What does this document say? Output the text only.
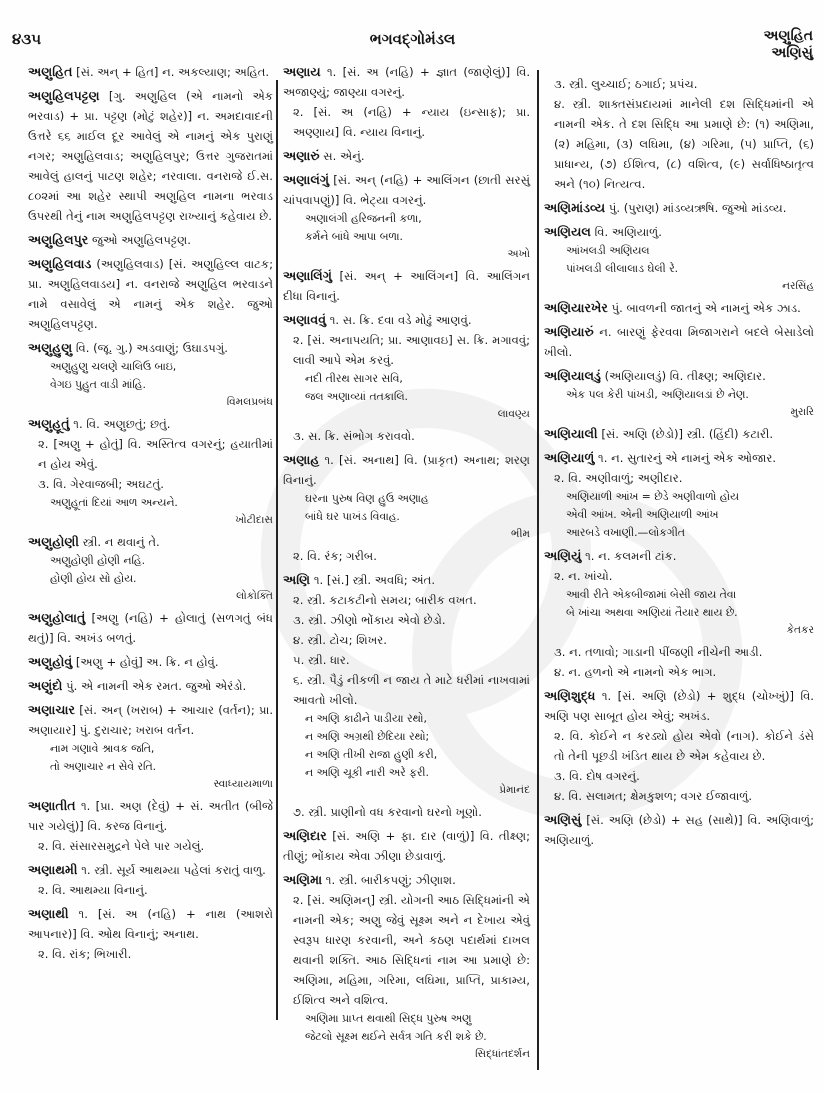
૪૩૫	ભગવદ્ગોમંડલ	અણુહિત
અણિસું
અણુહિત [સં. અન્ + હિત] ન. અકલ્યાણ; અહિત.
અણુહિલપટ્ટણ [ગુ. અણુહિલ (એ નામનો એક ભરવાડ) + પ્રા. પટ્ટણ (મોટું શહેર)] ન. અમદાવાદની ઉત્તરે ૬૬ માઈલ દૂર આવેલું એ નામનું એક પુરાણું નગર; અણુહિલવાડ; અણુહિલપુર; ઉત્તર ગુજરાતમાં આવેલું હાલનું પાટણ શહેર; નરવાલા. વનરાજે ઈ.સ. ૮૦૨માં આ શહેર સ્થાપી અણુહિલ નામના ભરવાડ ઉપરથી તેનું નામ અણુહિલપટ્ટણ રાખ્યાનું કહેવાય છે.
અણુહિલપુર જુઓ અણુહિલપટ્ટણ.
અણુહિલવાડ (અણુહિલવાડ) [સં. અણુહિલ્લ વાટક; પ્રા. અણુહિલવાડય] ન. વનરાજે અણુહિલ ભરવાડને નામે વસાવેલું એ નામનું એક શહેર. જુઓ અણુહિલપટ્ટણ.
અણુહુણુ વિ. (જૂ. ગુ.) અડવાણું; ઉઘાડપગું.
અણુહુણુ ચલણે ચાલિઉ બાઇ,
વેગઇ પુહુત વાડી માંહિ.
વિમલપ્રબંધ
અણુહૂતું ૧. વિ. અણુછતું; છતું.
૨. [અણુ + હોતું] વિ. અસ્તિત્વ વગરનું; હયાતીમાં ન હોય એવું.
૩. વિ. ગેરવાજબી; અઘટતું.
અણુહૂતાં દિયાં આળ અન્યને.
ખોટીદાસ
અણુહોણી સ્ત્રી. ન થવાનું તે.
અણુહોણી હોણી નહિ.
હોણી હોય સો હોય.
લોકોક્તિ
અણુહોલાતું [અણુ (નહિ) + હોલાતું (સળગતું બંધ થતું)] વિ. અખંડ બળતું.
અણુહોવું [અણુ + હોવું] અ. ક્રિ. ન હોવું.
અણુંદો પું. એ નામની એક રમત. જુઓ એરંડો.
અણાચાર [સં. અન્ (ખરાબ) + આચાર (વર્તન); પ્રા. અણાયાર] પું. દુરાચાર; ખરાબ વર્તન.
નામ ગણાવે શ્રાવક જતિ,
તો અણાચાર ન સેવે રતિ.
સ્વાધ્યાયમાળા
અણાતીત ૧. [પ્રા. અણ (દેવું) + સં. અતીત (બીજે પાર ગયેલું)] વિ. કરજ વિનાનું.
૨. વિ. સંસારસમુદ્રને પેલે પાર ગયેલું.
અણાથમી ૧. સ્ત્રી. સૂર્ય આથમ્યા પહેલાં કરાતું વાળુ.
૨. વિ. આથમ્યા વિનાનું.
અણાથી ૧. [સં. અ (નહિ) + નાથ (આશરો આપનાર)] વિ. ઓથ વિનાનું; અનાથ.
૨. વિ. રાંક; ભિખારી.
અણાય ૧. [સં. અ (નહિ) + જ્ઞાત (જાણેલું)] વિ. અજાણ્યું; જાણ્યા વગરનું.
૨. [સં. અ (નહિ) + ન્યાય (ઇન્સાફ); પ્રા. અણ્ણાય] વિ. ન્યાય વિનાનું.
અણારું સ. એનું.
અણાલંગું [સં. અન્ (નહિ) + આલિંગન (છાતી સરસું ચાંપવાપણું)] વિ. ભેટ્યા વગરનું.
અણાલંગી હરિજનની કળા,
કર્મને બાંધે આપા બળા.
અખો
અણાલિંગું [સં. અન્ + આલિંગન] વિ. આલિંગન દીધા વિનાનું.
અણાવવું ૧. સ. ક્રિ. દવા વડે મોઢું આણવું.
૨. [સં. અનાપયતિ; પ્રા. આણાવઇ] સ. ક્રિ. મગાવવું; લાવી આપે એમ કરવું.
નદી તીરથ સાગર સવિ,
જલ અણાવ્યાં તતકાલિ.
લાવણ્ય
૩. સ. ક્રિ. સંભોગ કરાવવો.
અણાહ ૧. [સં. અનાથ] વિ. (પ્રાકૃત) અનાથ; શરણ વિનાનું.
ઘરના પુરુષ વિણ હુઉ અણાહ
બાંધે ઘર પાખંડ વિવાહ.
ભીમ
૨. વિ. રંક; ગરીબ.
અણિ ૧. [સં.] સ્ત્રી. અવધિ; અંત.
૨. સ્ત્રી. કટાકટીનો સમય; બારીક વખત.
૩. સ્ત્રી. ઝીણો ભોંકાય એવો છેડો.
૪. સ્ત્રી. ટોચ; શિખર.
૫. સ્ત્રી. ધાર.
૬. સ્ત્રી. પૈડું નીકળી ન જાય તે માટે ધરીમાં નાખવામાં આવતો ખીલો.
ન અણિ કાઢીને પાડીયા રથો,
ન અણિ અગ્રથી છેદિયા રથો;
ન અણિ તીખી રાજા હુણી કરી,
ન અણિ ચૂકી નારી અરે ફરી.
પ્રેમાનંદ
૭. સ્ત્રી. પ્રાણીનો વધ કરવાનો ઘરનો ખૂણો.
અણિદાર [સં. અણિ + ફા. દાર (વાળું)] વિ. તીક્ષ્ણ; તીણું; ભોંકાય એવા ઝીણા છેડાવાળું.
અણિમા ૧. સ્ત્રી. બારીકપણું; ઝીણાશ.
૨. [સં. અણિમન્] સ્ત્રી. યોગની આઠ સિદ્ધિમાંની એ નામની એક; અણુ જેવું સૂક્ષ્મ અને ન દેખાય એવું સ્વરૂપ ધારણ કરવાની, અને કઠણ પદાર્થમાં દાખલ થવાની શક્તિ. આઠ સિદ્ધિનાં નામ આ પ્રમાણે છે: અણિમા, મહિમા, ગરિમા, લઘિમા, પ્રાપ્તિ, પ્રાકામ્ય, ઈશિત્વ અને વશિત્વ.
અણિમા પ્રાપ્ત થવાથી સિદ્ધ પુરુષ અણુ
જેટલો સૂક્ષ્મ થઈને સર્વત્ર ગતિ કરી શકે છે.
સિદ્ધાંતદર્શન
૩. સ્ત્રી. લુચ્ચાઈ; ઠગાઈ; પ્રપંચ.
૪. સ્ત્રી. શાક્તસંપ્રદાયમાં માનેલી દશ સિદ્ધિમાંની એ નામની એક. તે દશ સિદ્ધિ આ પ્રમાણે છે: (૧) અણિમા, (૨) મહિમા, (૩) લઘિમા, (૪) ગરિમા, (૫) પ્રાપ્તિ, (૬) પ્રાધાન્ય, (૭) ઈશિત્વ, (૮) વશિત્વ, (૯) સર્વાધિષ્ઠાતૃત્વ અને (૧૦) નિત્યત્વ.
અણિમાંડવ્ય પું. (પુરાણ) માંડવ્યઋષિ. જુઓ માંડવ્ય.
અણિયલ વિ. અણિયાળું.
આંખલડી અણિયલ
પાંખલડી લીલાલાડ ઘેલી રે.
નરસિંહ
અણિયારખેર પું. બાવળની જાતનું એ નામનું એક ઝાડ.
અણિયારું ન. બારણું ફેરવવા મિજાગરાને બદલે બેસાડેલો ખીલો.
અણિયાલડું (અણિયાલડું) વિ. તીક્ષ્ણ; અણિદાર.
એક પલ કેરી પાંખડી, અણિયાલડાં છે નેણ.
મુરારિ
અણિયાલી [સં. અણિ (છેડો)] સ્ત્રી. (હિંદી) કટારી.
અણિયાળું ૧. ન. સુતારનું એ નામનું એક ઓજાર.
૨. વિ. અણીવાળું; અણીદાર.
અણિયાળી આંખ = છેડે અણીવાળો હોય
એવી આંખ. એની અણિયાળી આંખ
આરબડે વખાણી.—લોકગીત
અણિયું ૧. ન. કલમની ટાંક.
૨. ન. ખાંચો.
આવી રીતે એકબીજામાં બેસી જાય તેવા
બે ખાંચા અથવા અણિયાં તૈયાર થાય છે.
કેતકર
૩. ન. તળાવો; ગાડાની પીંજણી નીચેની આડી.
૪. ન. હળનો એ નામનો એક ભાગ.
અણિશુદ્ધ ૧. [સં. અણિ (છેડો) + શુદ્ધ (ચોખ્ખું)] વિ. અણિ પણ સાબૂત હોય એવું; અખંડ.
૨. વિ. કોઈને ન કરડ્યો હોય એવો (નાગ). કોઈને ડંસે તો તેની પૂછડી ખંડિત થાય છે એમ કહેવાય છે.
૩. વિ. દોષ વગરનું.
૪. વિ. સલામત; ક્ષેમકુશળ; વગર ઈજાવાળું.
અણિસું [સં. અણિ (છેડો) + સહ (સાથે)] વિ. અણિવાળું; અણિયાળું.
